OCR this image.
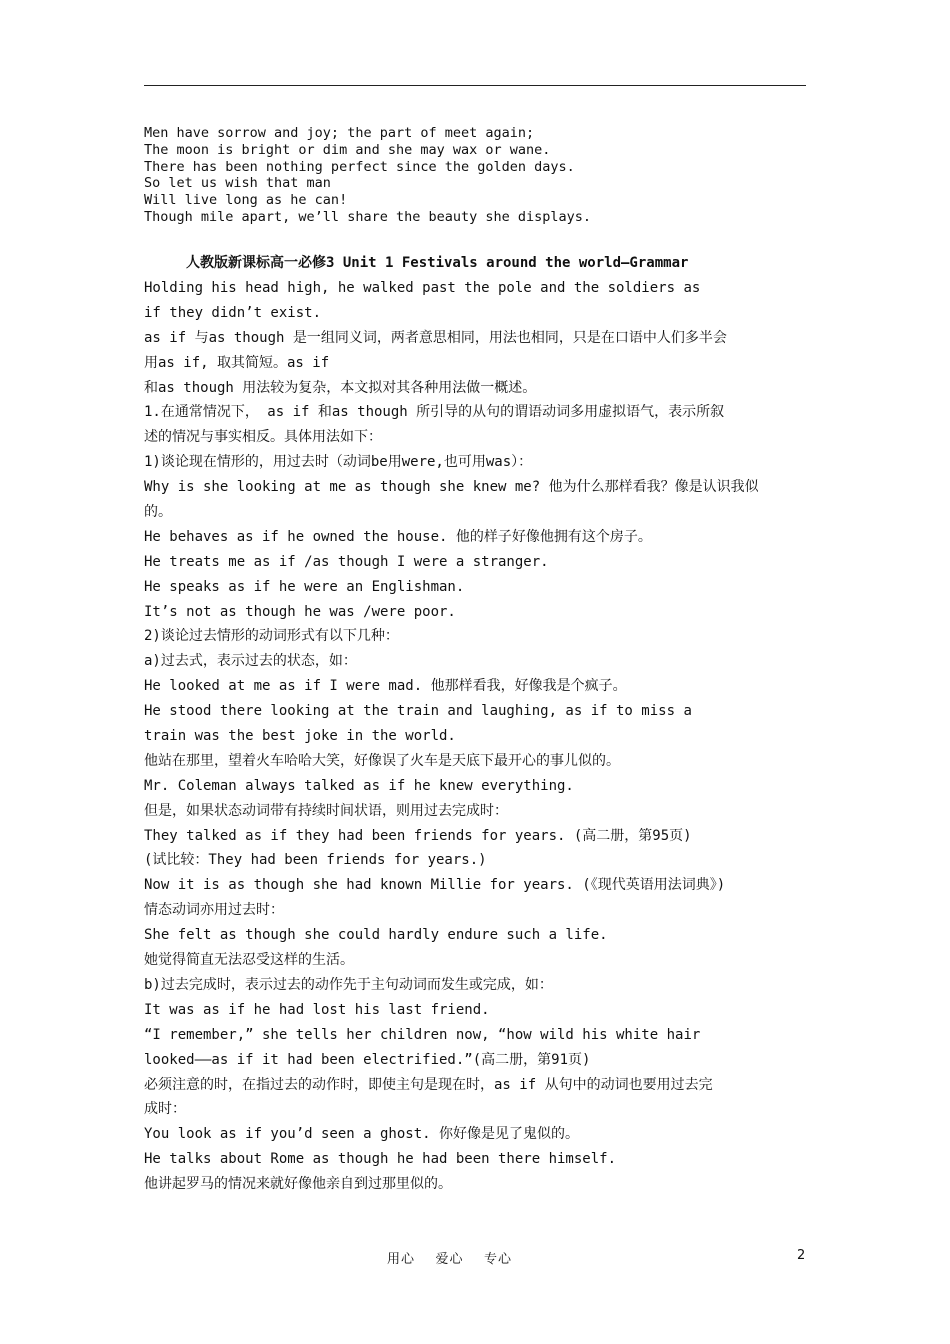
Men have sorrow and joy; the part of meet again;
The moon is bright or dim and she may wax or wane.
There has been nothing perfect since the golden days.
So let us wish that man
Will live long as he can!
Though mile apart, we’ll share the beauty she displays.
人教版新课标高一必修3 Unit 1 Festivals around the world—Grammar
Holding his head high, he walked past the pole and the soldiers as
if they didn’t exist.
as if 与as though 是一组同义词，两者意思相同，用法也相同，只是在口语中人们多半会
用as if, 取其简短。as if
和as though 用法较为复杂，本文拟对其各种用法做一概述。
1.在通常情况下， as if 和as though 所引导的从句的谓语动词多用虚拟语气，表示所叙
述的情况与事实相反。具体用法如下：
1)谈论现在情形的，用过去时（动词be用were,也可用was）：
Why is she looking at me as though she knew me? 他为什么那样看我？像是认识我似
的。
He behaves as if he owned the house. 他的样子好像他拥有这个房子。
He treats me as if /as though I were a stranger.
He speaks as if he were an Englishman.
It’s not as though he was /were poor.
2)谈论过去情形的动词形式有以下几种：
a)过去式，表示过去的状态，如：
He looked at me as if I were mad. 他那样看我，好像我是个疯子。
He stood there looking at the train and laughing, as if to miss a
train was the best joke in the world.
他站在那里，望着火车哈哈大笑，好像误了火车是天底下最开心的事儿似的。
Mr. Coleman always talked as if he knew everything.
但是，如果状态动词带有持续时间状语，则用过去完成时：
They talked as if they had been friends for years. (高二册，第95页)
(试比较：They had been friends for years.)
Now it is as though she had known Millie for years. (《现代英语用法词典》)
情态动词亦用过去时：
She felt as though she could hardly endure such a life.
她觉得简直无法忍受这样的生活。
b)过去完成时，表示过去的动作先于主句动词而发生或完成，如：
It was as if he had lost his last friend.
“I remember,” she tells her children now, “how wild his white hair
looked——as if it had been electrified.”(高二册，第91页)
必须注意的时，在指过去的动作时，即使主句是现在时，as if 从句中的动词也要用过去完
成时：
You look as if you’d seen a ghost. 你好像是见了鬼似的。
He talks about Rome as though he had been there himself.
他讲起罗马的情况来就好像他亲自到过那里似的。
用心    爱心    专心	2
